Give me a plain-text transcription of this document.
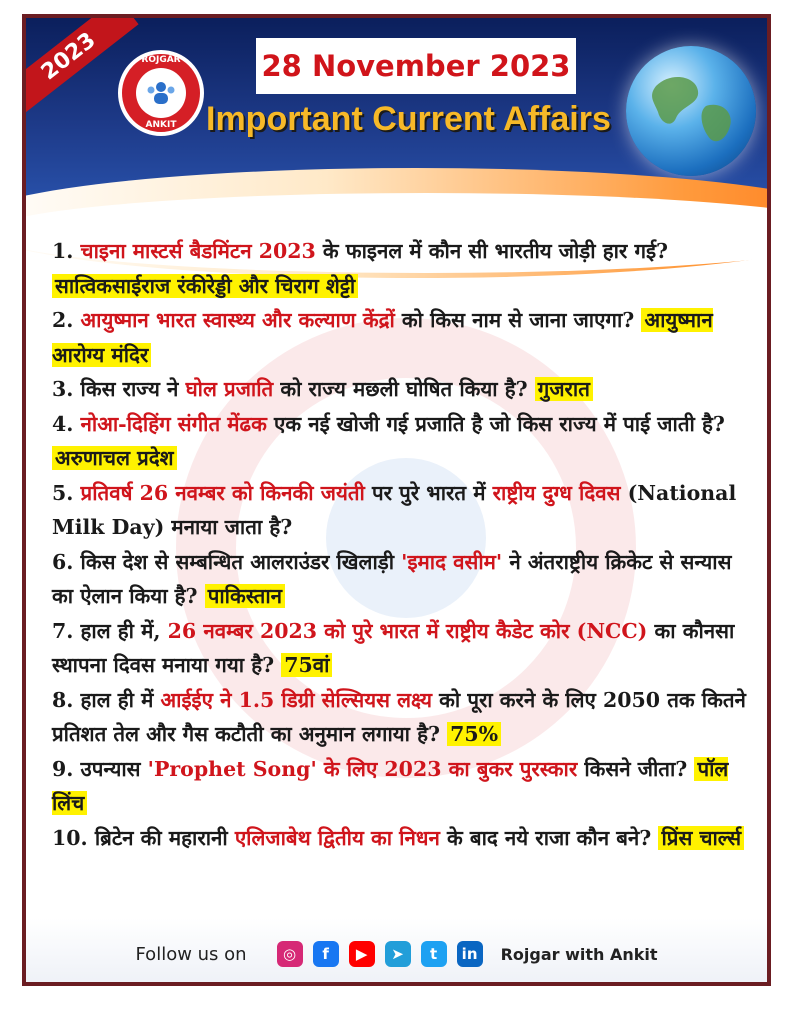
2023	ROJGAR
ANKIT
28 November 2023
Important Current Affairs
1. चाइना मास्टर्स बैडमिंटन 2023 के फाइनल में कौन सी भारतीय जोड़ी हार गई? सात्विकसाईराज रंकीरेड्डी और चिराग शेट्टी
2. आयुष्मान भारत स्वास्थ्य और कल्याण केंद्रों को किस नाम से जाना जाएगा? आयुष्मान आरोग्य मंदिर
3. किस राज्य ने घोल प्रजाति को राज्य मछली घोषित किया है? गुजरात
4. नोआ-दिहिंग संगीत मेंढक एक नई खोजी गई प्रजाति है जो किस राज्य में पाई जाती है? अरुणाचल प्रदेश
5. प्रतिवर्ष 26 नवम्बर को किनकी जयंती पर पुरे भारत में राष्ट्रीय दुग्ध दिवस (National Milk Day) मनाया जाता है?
6. किस देश से सम्बन्धित आलराउंडर खिलाड़ी 'इमाद वसीम' ने अंतराष्ट्रीय क्रिकेट से सन्यास का ऐलान किया है? पाकिस्तान
7. हाल ही में, 26 नवम्बर 2023 को पुरे भारत में राष्ट्रीय कैडेट कोर (NCC) का कौनसा स्थापना दिवस मनाया गया है? 75वां
8. हाल ही में आईईए ने 1.5 डिग्री सेल्सियस लक्ष्य को पूरा करने के लिए 2050 तक कितने प्रतिशत तेल और गैस कटौती का अनुमान लगाया है? 75%
9. उपन्यास 'Prophet Song' के लिए 2023 का बुकर पुरस्कार किसने जीता? पॉल लिंच
10. ब्रिटेन की महारानी एलिजाबेथ द्वितीय का निधन के बाद नये राजा कौन बने? प्रिंस चार्ल्स
Follow us on	◎	f	▶	➤	t	in	Rojgar with Ankit
